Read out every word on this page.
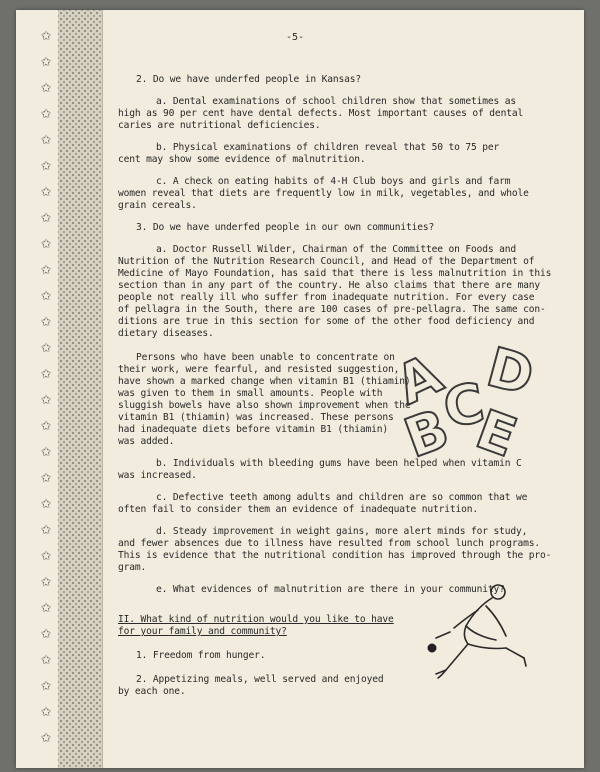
✩
✩
✩
✩
✩
✩
✩
✩
✩
✩
✩
✩
✩
✩
✩
✩
✩
✩
✩
✩
✩
✩
✩
✩
✩
✩
✩
✩
-5-
2. Do we have underfed people in Kansas?
a. Dental examinations of school children show that sometimes as
high as 90 per cent have dental defects. Most important causes of dental
caries are nutritional deficiencies.
b. Physical examinations of children reveal that 50 to 75 per
cent may show some evidence of malnutrition.
c. A check on eating habits of 4-H Club boys and girls and farm
women reveal that diets are frequently low in milk, vegetables, and whole
grain cereals.
3. Do we have underfed people in our own communities?
a. Doctor Russell Wilder, Chairman of the Committee on Foods and
Nutrition of the Nutrition Research Council, and Head of the Department of
Medicine of Mayo Foundation, has said that there is less malnutrition in this
section than in any part of the country. He also claims that there are many
people not really ill who suffer from inadequate nutrition. For every case
of pellagra in the South, there are 100 cases of pre-pellagra. The same con-
ditions are true in this section for some of the other food deficiency and
dietary diseases.
Persons who have been unable to concentrate on
their work, were fearful, and resisted suggestion,
have shown a marked change when vitamin B1 (thiamin)
was given to them in small amounts. People with
sluggish bowels have also shown improvement when the
vitamin B1 (thiamin) was increased. These persons
had inadequate diets before vitamin B1 (thiamin)
was added.
b. Individuals with bleeding gums have been helped when vitamin C
was increased.
c. Defective teeth among adults and children are so common that we
often fail to consider them an evidence of inadequate nutrition.
d. Steady improvement in weight gains, more alert minds for study,
and fewer absences due to illness have resulted from school lunch programs.
This is evidence that the nutritional condition has improved through the pro-
gram.
e. What evidences of malnutrition are there in your community?
II. What kind of nutrition would you like to have
for your family and community?
1. Freedom from hunger.
2. Appetizing meals, well served and enjoyed
by each one.
A
C
D
B E
